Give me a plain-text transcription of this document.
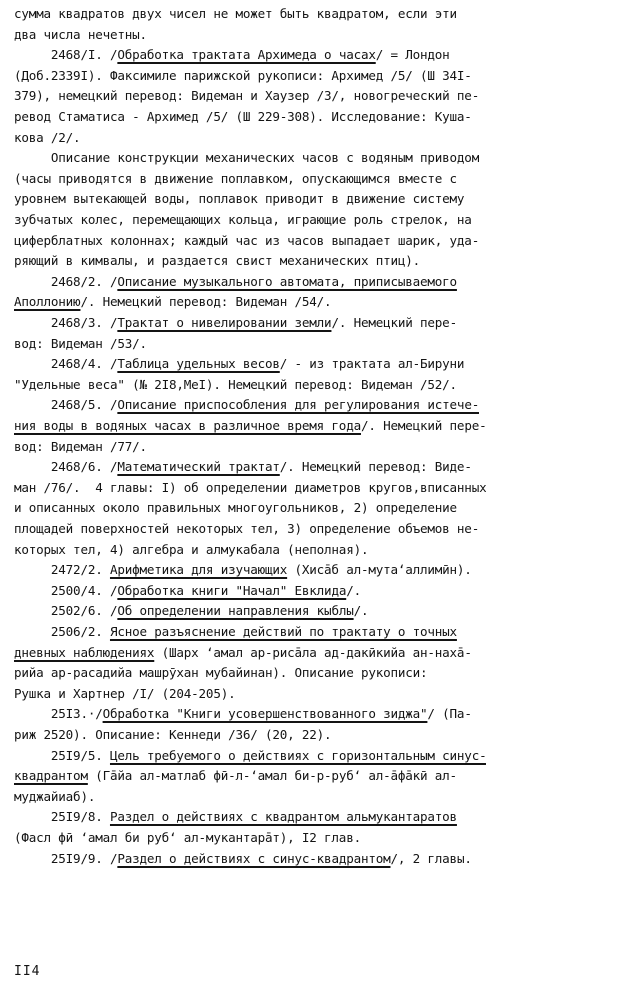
сумма квадратов двух чисел не может быть квадратом, если эти
два числа нечетны.
2468/I. /Обработка трактата Архимеда о часах/ = Лондон
(Доб.2339I). Факсимиле парижской рукописи: Архимед /5/ (Ш 34I-
379), немецкий перевод: Видеман и Хаузер /3/, новогреческий пе-
ревод Стаматиса - Архимед /5/ (Ш 229-308). Исследование: Куша-
кова /2/.
Описание конструкции механических часов с водяным приводом
(часы приводятся в движение поплавком, опускающимся вместе с
уровнем вытекающей воды, поплавок приводит в движение систему
зубчатых колес, перемещающих кольца, играющие роль стрелок, на
циферблатных колоннах; каждый час из часов выпадает шарик, уда-
ряющий в кимвалы, и раздается свист механических птиц).
2468/2. /Описание музыкального автомата, приписываемого
Аполлонию/. Немецкий перевод: Видеман /54/.
2468/3. /Трактат о нивелировании земли/. Немецкий пере-
вод: Видеман /53/.
2468/4. /Таблица удельных весов/ - из трактата ал-Бируни
"Удельные веса" (№ 2I8,МеI). Немецкий перевод: Видеман /52/.
2468/5. /Описание приспособления для регулирования истече-
ния воды в водяных часах в различное время года/. Немецкий пере-
вод: Видеман /77/.
2468/6. /Математический трактат/. Немецкий перевод: Виде-
ман /76/.  4 главы: I) об определении диаметров кругов,вписанных
и описанных около правильных многоугольников, 2) определение
площадей поверхностей некоторых тел, 3) определение объемов не-
которых тел, 4) алгебра и алмукабала (неполная).
2472/2. Арифметика для изучающих (Хисāб ал-мута‘аллимӣн).
2500/4. /Обработка книги "Начал" Евклида/.
2502/6. /Об определении направления кыблы/.
2506/2. Ясное разъяснение действий по трактату о точных
дневных наблюдениях (Шарх ‘амал ар-рисāла ад-дакӣкийа ан-нахā-
рийа ар-расадийа машрӯхан мубайинан). Описание рукописи:
Рушка и Хартнер /I/ (204-205).
25I3.·/Обработка "Книги усовершенствованного зиджа"/ (Па-
риж 2520). Описание: Кеннеди /36/ (20, 22).
25I9/5. Цель требуемого о действиях с горизонтальным синус-
квадрантом (Гāйа ал-матлаб фӣ-л-‘амал би-р-руб‘ ал-āфāкӣ ал-
муджайиаб).
25I9/8. Раздел о действиях с квадрантом альмукантаратов
(Фасл фӣ ‘амал би руб‘ ал-мукантарāт), I2 глав.
25I9/9. /Раздел о действиях с синус-квадрантом/, 2 главы.
II4
